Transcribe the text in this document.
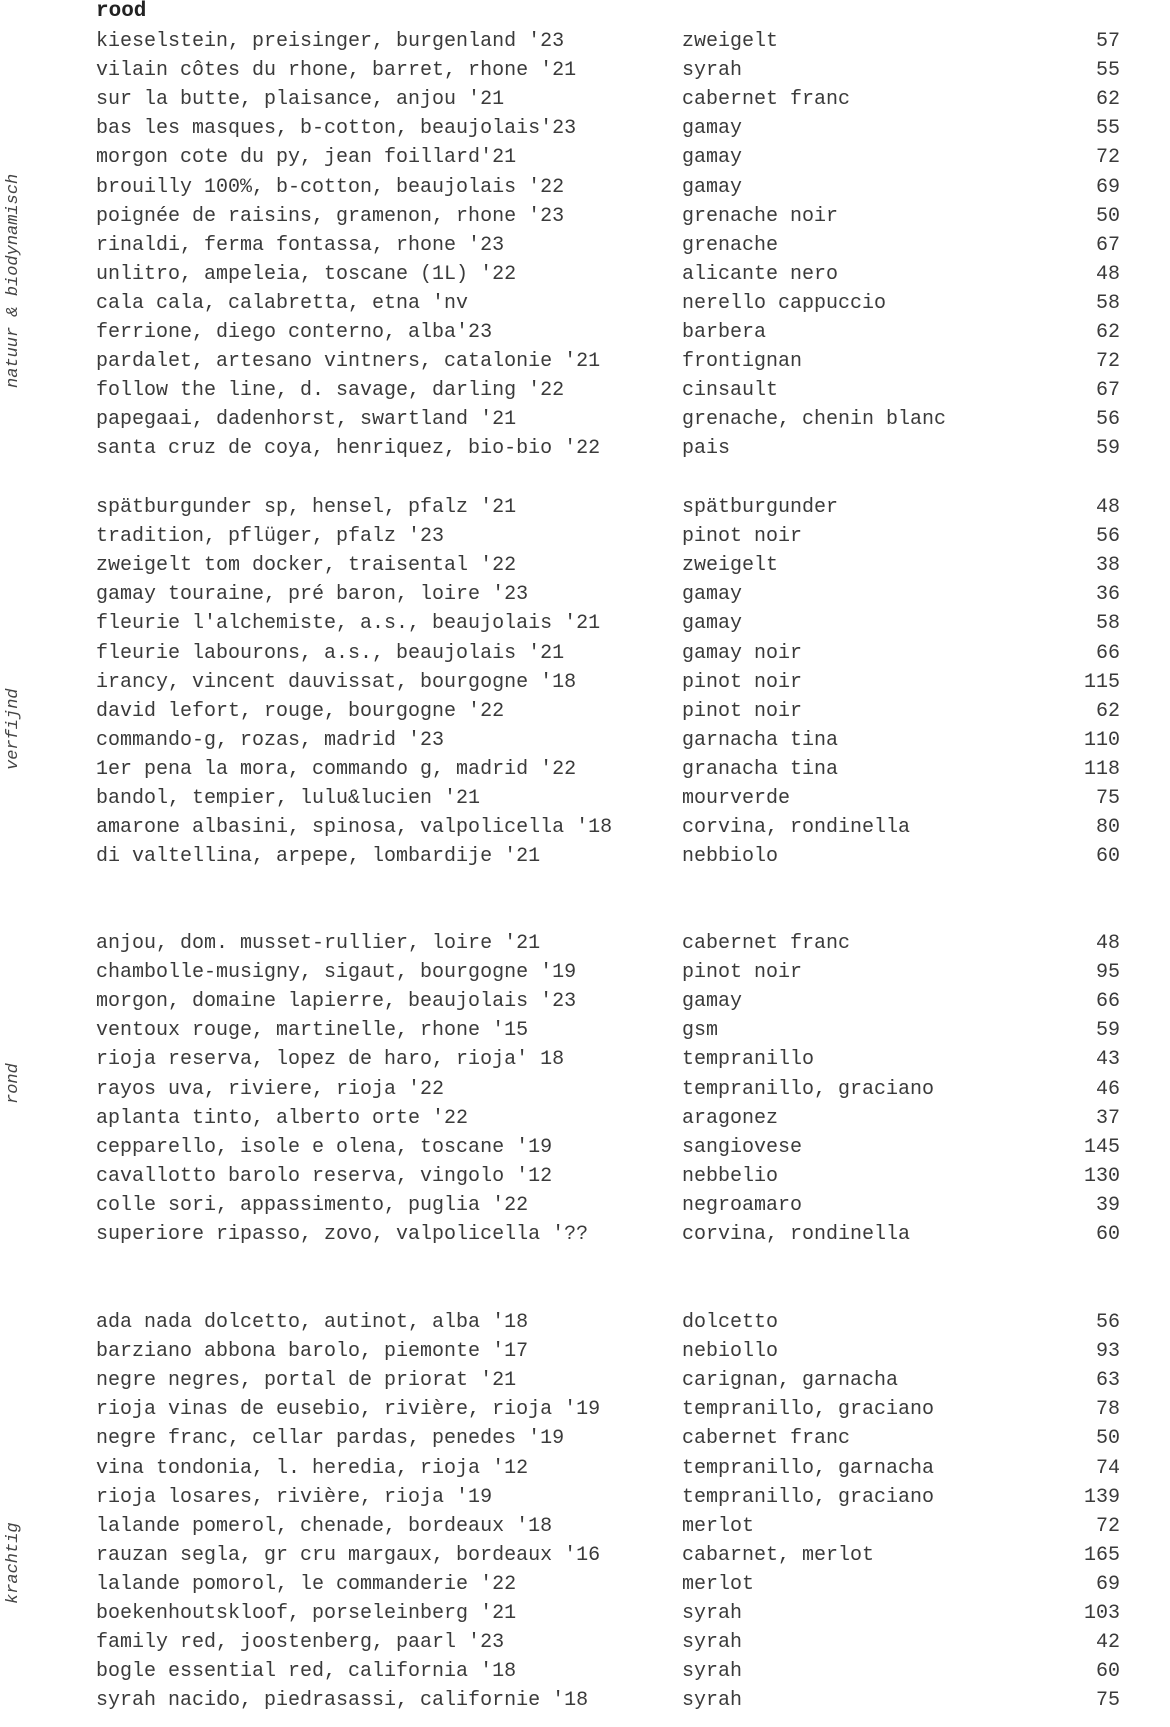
rood
natuur & biodynamisch
kieselstein, preisinger, burgenland '23	zweigelt	57
vilain côtes du rhone, barret, rhone '21	syrah	55
sur la butte, plaisance, anjou '21	cabernet franc	62
bas les masques, b-cotton, beaujolais'23	gamay	55
morgon cote du py, jean foillard'21	gamay	72
brouilly 100%, b-cotton, beaujolais '22	gamay	69
poignée de raisins, gramenon, rhone '23	grenache noir	50
rinaldi, ferma fontassa, rhone '23	grenache	67
unlitro, ampeleia, toscane (1L) '22	alicante nero	48
cala cala, calabretta, etna 'nv	nerello cappuccio	58
ferrione, diego conterno, alba'23	barbera	62
pardalet, artesano vintners, catalonie '21	frontignan	72
follow the line, d. savage, darling '22	cinsault	67
papegaai, dadenhorst, swartland '21	grenache, chenin blanc	56
santa cruz de coya, henriquez, bio-bio '22	pais	59
verfijnd
spätburgunder sp, hensel, pfalz '21	spätburgunder	48
tradition, pflüger, pfalz '23	pinot noir	56
zweigelt tom docker, traisental '22	zweigelt	38
gamay touraine, pré baron, loire '23	gamay	36
fleurie l'alchemiste, a.s., beaujolais '21	gamay	58
fleurie labourons, a.s., beaujolais '21	gamay noir	66
irancy, vincent dauvissat, bourgogne '18	pinot noir	115
david lefort, rouge, bourgogne '22	pinot noir	62
commando-g, rozas, madrid '23	garnacha tina	110
1er pena la mora, commando g, madrid '22	granacha tina	118
bandol, tempier, lulu&lucien '21	mourverde	75
amarone albasini, spinosa, valpolicella '18	corvina, rondinella	80
di valtellina, arpepe, lombardije '21	nebbiolo	60
rond
anjou, dom. musset-rullier, loire '21	cabernet franc	48
chambolle-musigny, sigaut, bourgogne '19	pinot noir	95
morgon, domaine lapierre, beaujolais '23	gamay	66
ventoux rouge, martinelle, rhone '15	gsm	59
rioja reserva, lopez de haro, rioja' 18	tempranillo	43
rayos uva, riviere, rioja '22	tempranillo, graciano	46
aplanta tinto, alberto orte '22	aragonez	37
cepparello, isole e olena, toscane '19	sangiovese	145
cavallotto barolo reserva, vingolo '12	nebbelio	130
colle sori, appassimento, puglia '22	negroamaro	39
superiore ripasso, zovo, valpolicella '??	corvina, rondinella	60
krachtig
ada nada dolcetto, autinot, alba '18	dolcetto	56
barziano abbona barolo, piemonte '17	nebiollo	93
negre negres, portal de priorat '21	carignan, garnacha	63
rioja vinas de eusebio, rivière, rioja '19	tempranillo, graciano	78
negre franc, cellar pardas, penedes '19	cabernet franc	50
vina tondonia, l. heredia, rioja '12	tempranillo, garnacha	74
rioja losares, rivière, rioja '19	tempranillo, graciano	139
lalande pomerol, chenade, bordeaux '18	merlot	72
rauzan segla, gr cru margaux, bordeaux '16	cabarnet, merlot	165
lalande pomorol, le commanderie '22	merlot	69
boekenhoutskloof, porseleinberg '21	syrah	103
family red, joostenberg, paarl '23	syrah	42
bogle essential red, california '18	syrah	60
syrah nacido, piedrasassi, californie '18	syrah	75
